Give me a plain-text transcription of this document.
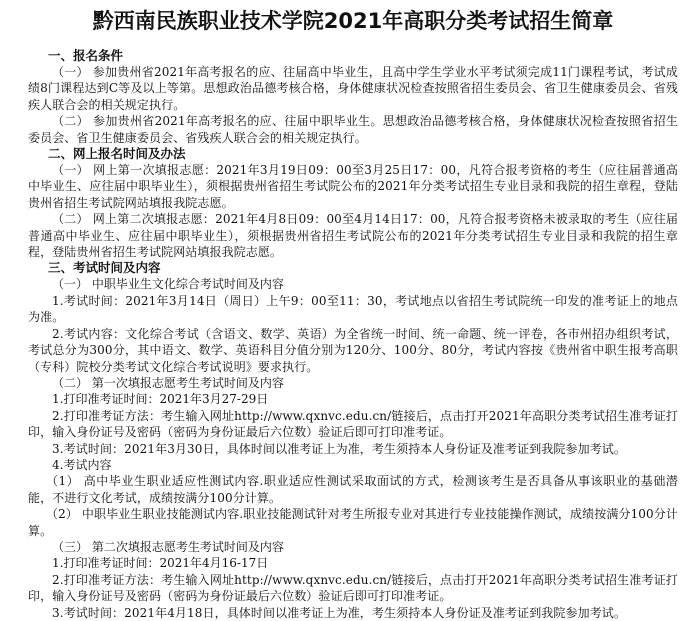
黔西南民族职业技术学院2021年高职分类考试招生简章
一、报名条件
（一） 参加贵州省2021年高考报名的应、往届高中毕业生，且高中学生学业水平考试须完成11门课程考试，考试成绩8门课程达到C等及以上等第。思想政治品德考核合格，身体健康状况检查按照省招生委员会、省卫生健康委员会、省残疾人联合会的相关规定执行。
（二） 参加贵州省2021年高考报名的应、往届中职毕业生。思想政治品德考核合格，身体健康状况检查按照省招生委员会、省卫生健康委员会、省残疾人联合会的相关规定执行。
二、网上报名时间及办法
（一） 网上第一次填报志愿：2021年3月19日09：00至3月25日17：00，凡符合报考资格的考生（应往届普通高中毕业生、应往届中职毕业生），须根据贵州省招生考试院公布的2021年分类考试招生专业目录和我院的招生章程，登陆贵州省招生考试院网站填报我院志愿。
（二） 网上第二次填报志愿：2021年4月8日09：00至4月14日17：00，凡符合报考资格未被录取的考生（应往届普通高中毕业生、应往届中职毕业生），须根据贵州省招生考试院公布的2021年分类考试招生专业目录和我院的招生章程，登陆贵州省招生考试院网站填报我院志愿。
三、考试时间及内容
（一） 中职毕业生文化综合考试时间及内容
1.考试时间：2021年3月14日（周日）上午9：00至11：30，考试地点以省招生考试院统一印发的准考证上的地点为准。
2.考试内容：文化综合考试（含语文、数学、英语）为全省统一时间、统一命题、统一评卷，各市州招办组织考试，考试总分为300分，其中语文、数学、英语科目分值分别为120分、100分、80分，考试内容按《贵州省中职生报考高职（专科）院校分类考试文化综合考试说明》要求执行。
（二） 第一次填报志愿考生考试时间及内容
1.打印准考证时间：2021年3月27-29日
2.打印准考证方法：考生输入网址http://www.qxnvc.edu.cn/链接后，点击打开2021年高职分类考试招生准考证打印，输入身份证号及密码（密码为身份证最后六位数）验证后即可打印准考证。
3.考试时间：2021年3月30日，具体时间以准考证上为准，考生须持本人身份证及准考证到我院参加考试。
4.考试内容
（1） 高中毕业生职业适应性测试内容.职业适应性测试采取面试的方式，检测该考生是否具备从事该职业的基础潜能，不进行文化考试，成绩按满分100分计算。
（2） 中职毕业生职业技能测试内容.职业技能测试针对考生所报专业对其进行专业技能操作测试，成绩按满分100分计算。
（三） 第二次填报志愿考生考试时间及内容
1.打印准考证时间：2021年4月16-17日
2.打印准考证方法：考生输入网址http://www.qxnvc.edu.cn/链接后，点击打开2021年高职分类考试招生准考证打印，输入身份证号及密码（密码为身份证最后六位数）验证后即可打印准考证。
3.考试时间：2021年4月18日，具体时间以准考证上为准，考生须持本人身份证及准考证到我院参加考试。
